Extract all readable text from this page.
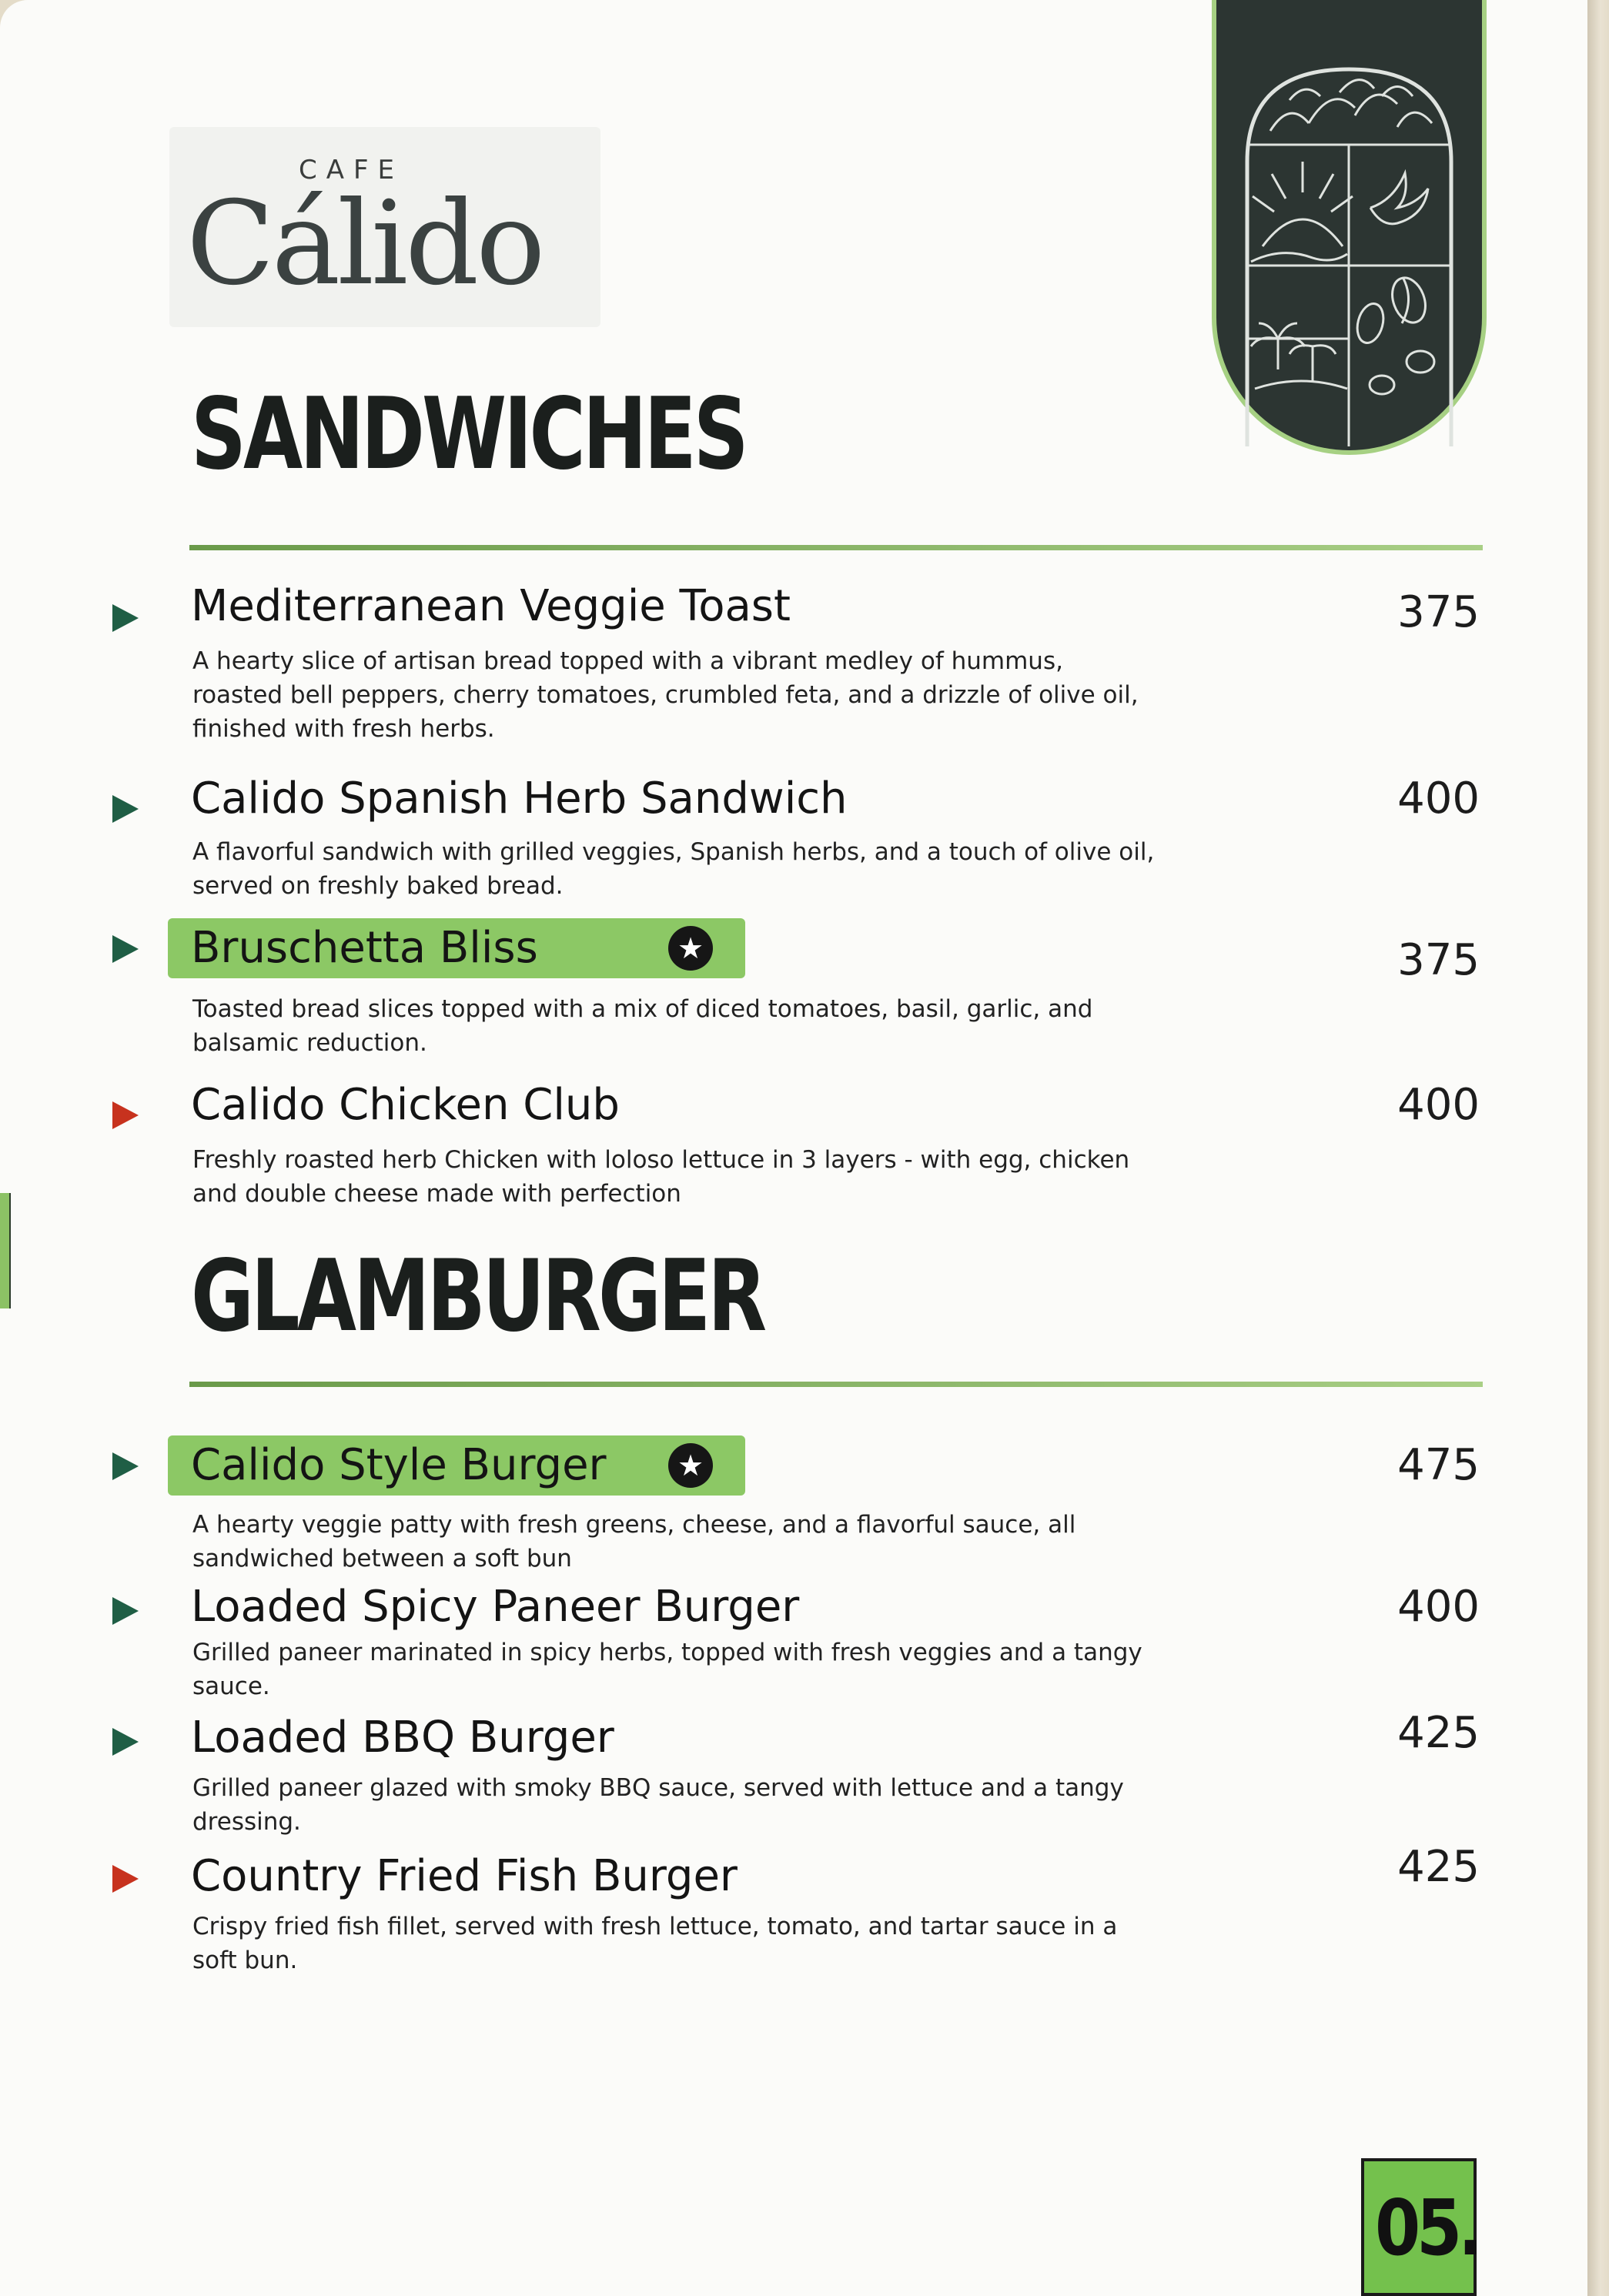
CAFE
Cálido
SANDWICHES
Mediterranean Veggie Toast	375
A hearty slice of artisan bread topped with a vibrant medley of hummus, roasted bell peppers, cherry tomatoes, crumbled feta, and a drizzle of olive oil, finished with fresh herbs.
Calido Spanish Herb Sandwich	400
A flavorful sandwich with grilled veggies, Spanish herbs, and a touch of olive oil, served on freshly baked bread.
Bruschetta Bliss	★	375
Toasted bread slices topped with a mix of diced tomatoes, basil, garlic, and balsamic reduction.
Calido Chicken Club	400
Freshly roasted herb Chicken with loloso lettuce in 3 layers - with egg, chicken and double cheese made with perfection
GLAMBURGER
Calido Style Burger	★	475
A hearty veggie patty with fresh greens, cheese, and a flavorful sauce, all sandwiched between a soft bun
Loaded Spicy Paneer Burger	400
Grilled paneer marinated in spicy herbs, topped with fresh veggies and a tangy sauce.
Loaded BBQ Burger	425
Grilled paneer glazed with smoky BBQ sauce, served with lettuce and a tangy dressing.
Country Fried Fish Burger	425
Crispy fried fish fillet, served with fresh lettuce, tomato, and tartar sauce in a soft bun.
05.
